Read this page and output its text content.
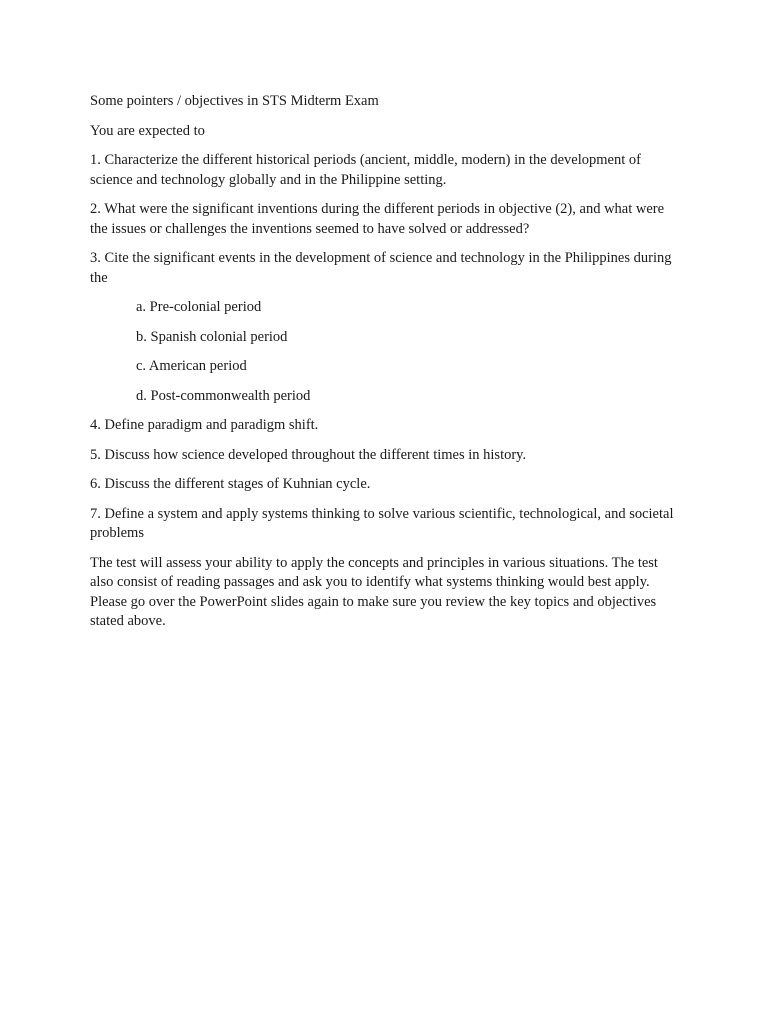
Some pointers / objectives in STS Midterm Exam

You are expected to

1. Characterize the different historical periods (ancient, middle, modern) in the development of science and technology globally and in the Philippine setting.

2. What were the significant inventions during the different periods in objective (2), and what were the issues or challenges the inventions seemed to have solved or addressed?

3. Cite the significant events in the development of science and technology in the Philippines during the

a. Pre-colonial period

b. Spanish colonial period

c. American period

d. Post-commonwealth period

4. Define paradigm and paradigm shift.

5. Discuss how science developed throughout the different times in history.

6. Discuss the different stages of Kuhnian cycle.

7. Define a system and apply systems thinking to solve various scientific, technological, and societal problems

The test will assess your ability to apply the concepts and principles in various situations. The test also consist of reading passages and ask you to identify what systems thinking would best apply. Please go over the PowerPoint slides again to make sure you review the key topics and objectives stated above.
